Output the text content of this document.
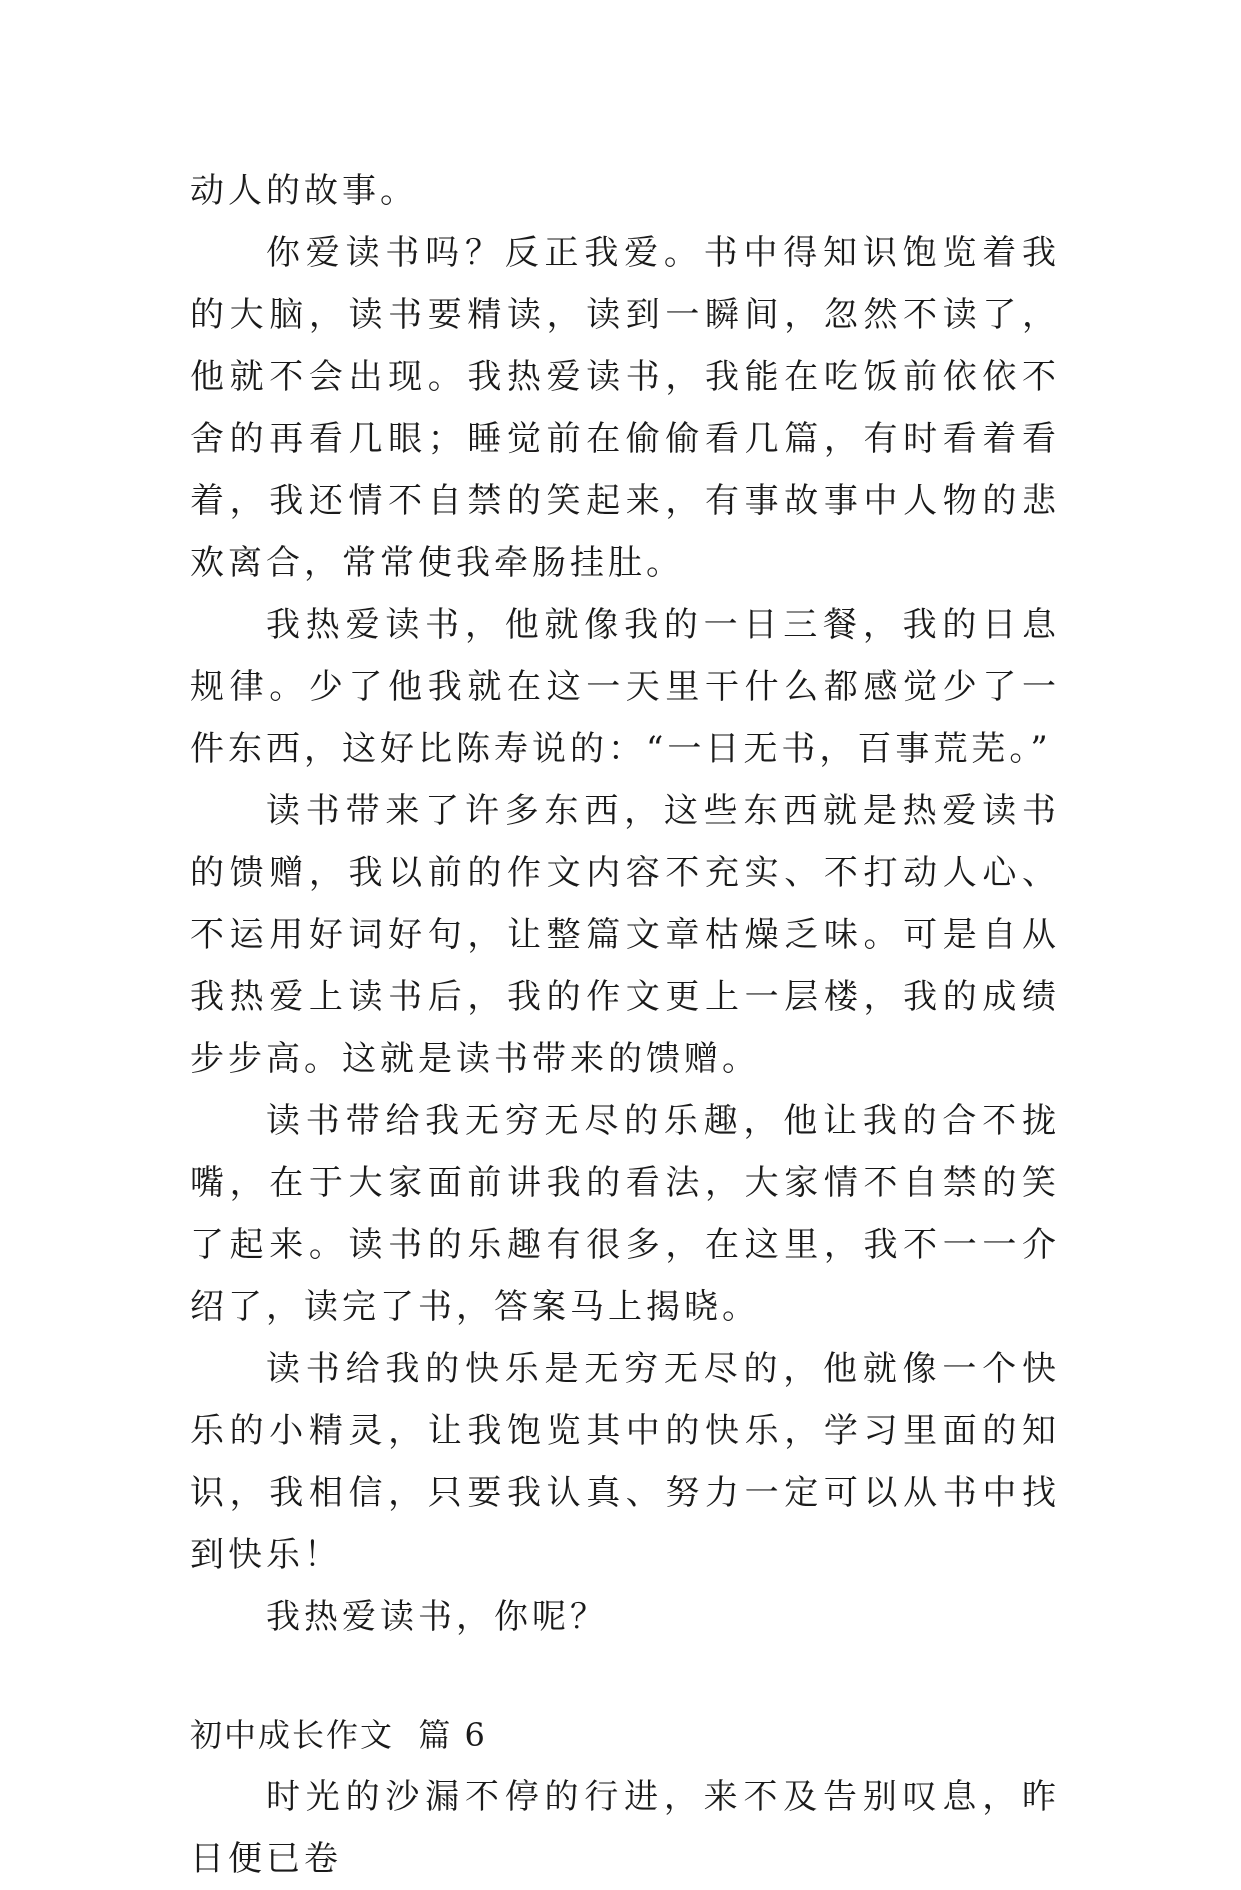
动人的故事。

你爱读书吗？反正我爱。书中得知识饱览着我的大脑，读书要精读，读到一瞬间，忽然不读了，他就不会出现。我热爱读书，我能在吃饭前依依不舍的再看几眼；睡觉前在偷偷看几篇，有时看着看着，我还情不自禁的笑起来，有事故事中人物的悲欢离合，常常使我牵肠挂肚。

我热爱读书，他就像我的一日三餐，我的日息规律。少了他我就在这一天里干什么都感觉少了一件东西，这好比陈寿说的：“一日无书，百事荒芜。”

读书带来了许多东西，这些东西就是热爱读书的馈赠，我以前的作文内容不充实、不打动人心、不运用好词好句，让整篇文章枯燥乏味。可是自从我热爱上读书后，我的作文更上一层楼，我的成绩步步高。这就是读书带来的馈赠。

读书带给我无穷无尽的乐趣，他让我的合不拢嘴，在于大家面前讲我的看法，大家情不自禁的笑了起来。读书的乐趣有很多，在这里，我不一一介绍了，读完了书，答案马上揭晓。

读书给我的快乐是无穷无尽的，他就像一个快乐的小精灵，让我饱览其中的快乐，学习里面的知识，我相信，只要我认真、努力一定可以从书中找到快乐！

我热爱读书，你呢？

初中成长作文  篇 6

时光的沙漏不停的行进，来不及告别叹息，昨日便已卷
